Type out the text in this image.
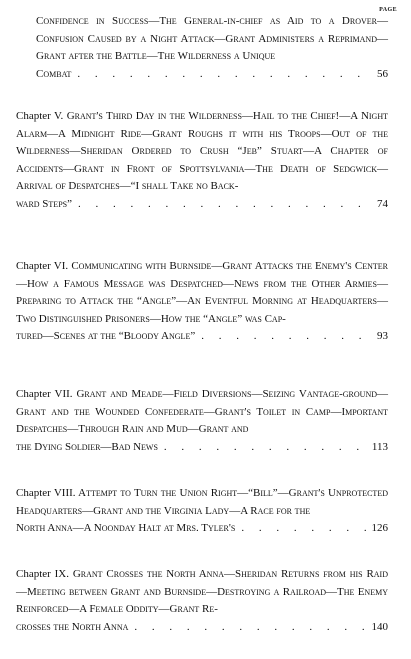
PAGE
Confidence in Success—The General-in-chief as Aid to a Drover—Confusion Caused by a Night Attack—Grant Administers a Reprimand—Grant after the Battle—The Wilderness a Unique
Combat . . .	56
Chapter V. Grant's Third Day in the Wilderness—Hail to the Chief!—A Night Alarm—A Midnight Ride—Grant Roughs it with his Troops—Out of the Wilderness—Sheridan Ordered to Crush “Jeb” Stuart—A Chapter of Accidents—Grant in Front of Spottsylvania—The Death of Sedgwick—Arrival of Despatches—“I shall Take no Back-
ward Steps” . . .	74
Chapter VI. Communicating with Burnside—Grant Attacks the Enemy's Center—How a Famous Message was Despatched—News from the Other Armies—Preparing to Attack the “Angle”—An Eventful Morning at Headquarters—Two Distinguished Prisoners—How the “Angle” was Cap-
tured—Scenes at the “Bloody Angle” . . .	93
Chapter VII. Grant and Meade—Field Diversions—Seizing Vantage-ground—Grant and the Wounded Confederate—Grant's Toilet in Camp—Important Despatches—Through Rain and Mud—Grant and
the Dying Soldier—Bad News . . .	113
Chapter VIII. Attempt to Turn the Union Right—“Bill”—Grant's Unprotected Headquarters—Grant and the Virginia Lady—A Race for the
North Anna—A Noonday Halt at Mrs. Tyler's . . .	126
Chapter IX. Grant Crosses the North Anna—Sheridan Returns from his Raid—Meeting between Grant and Burnside—Destroying a Railroad—The Enemy Reinforced—A Female Oddity—Grant Re-
crosses the North Anna . . .	140
